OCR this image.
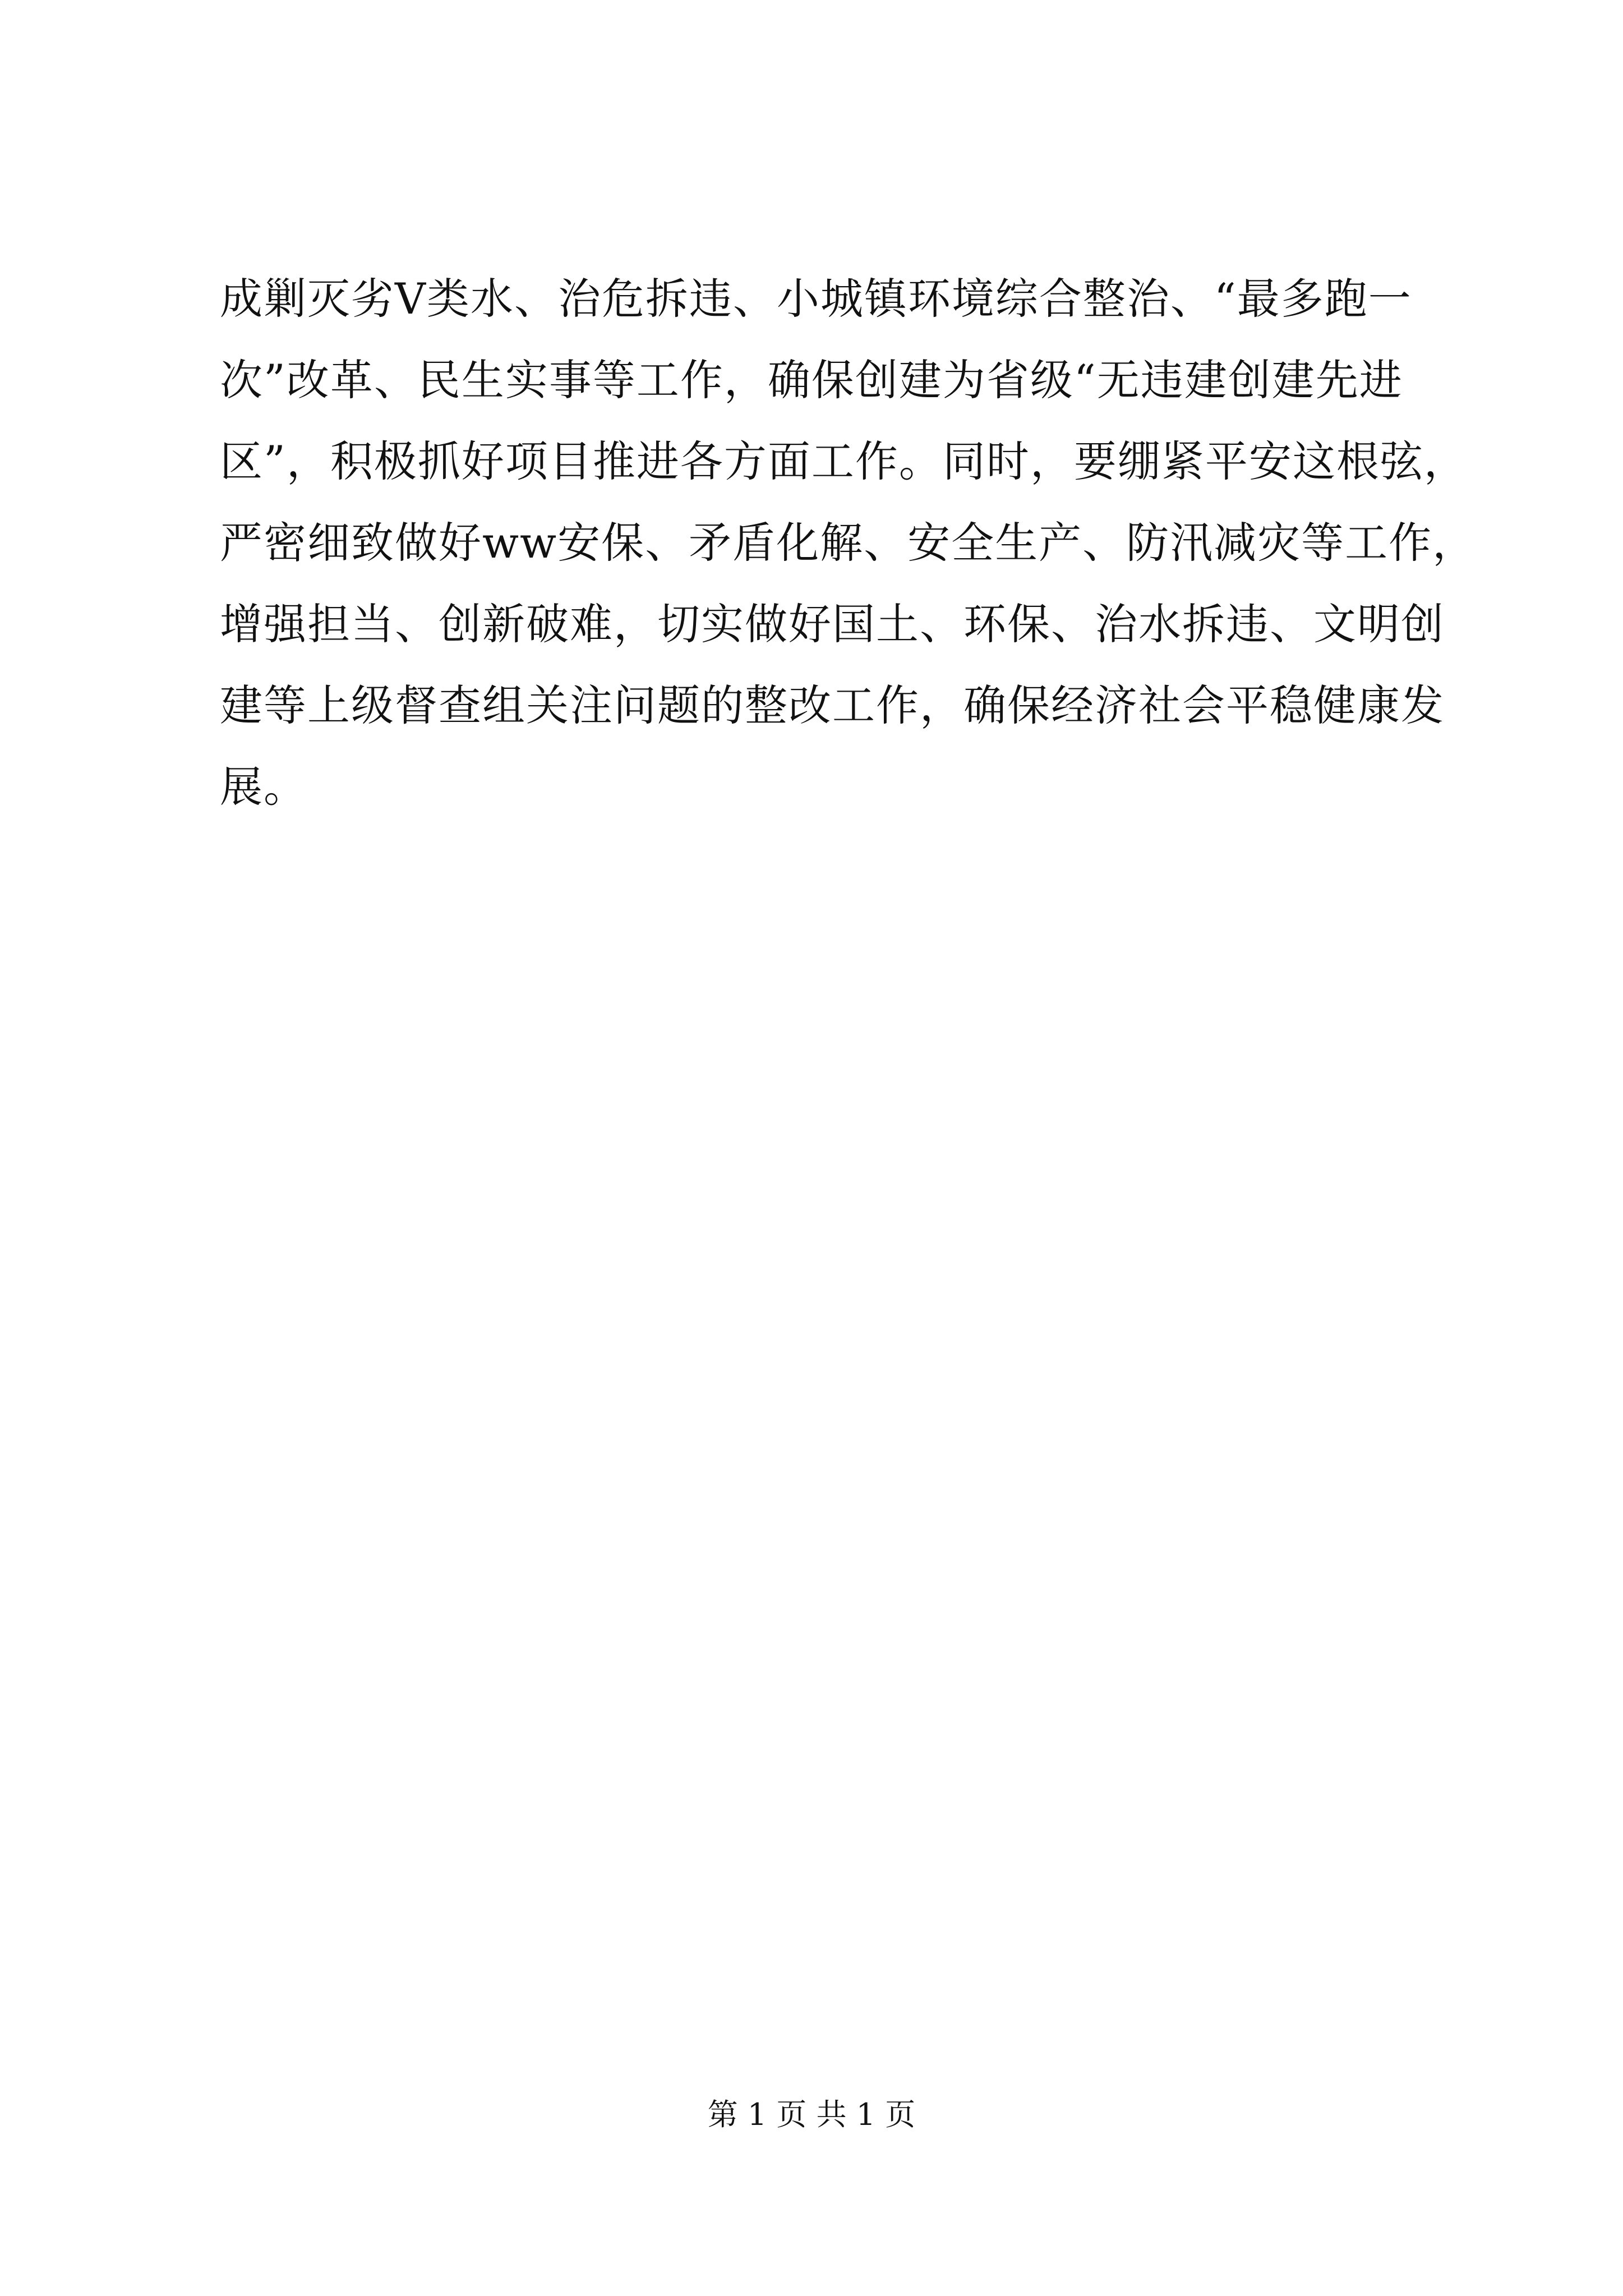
成剿灭劣Ⅴ类水、治危拆违、小城镇环境综合整治、“最多跑一
次”改革、民生实事等工作，确保创建为省级“无违建创建先进
区”，积极抓好项目推进各方面工作。同时，要绷紧平安这根弦，
严密细致做好ww安保、矛盾化解、安全生产、防汛减灾等工作，
增强担当、创新破难，切实做好国土、环保、治水拆违、文明创
建等上级督查组关注问题的整改工作，确保经济社会平稳健康发
展。
第 1 页 共 1 页
